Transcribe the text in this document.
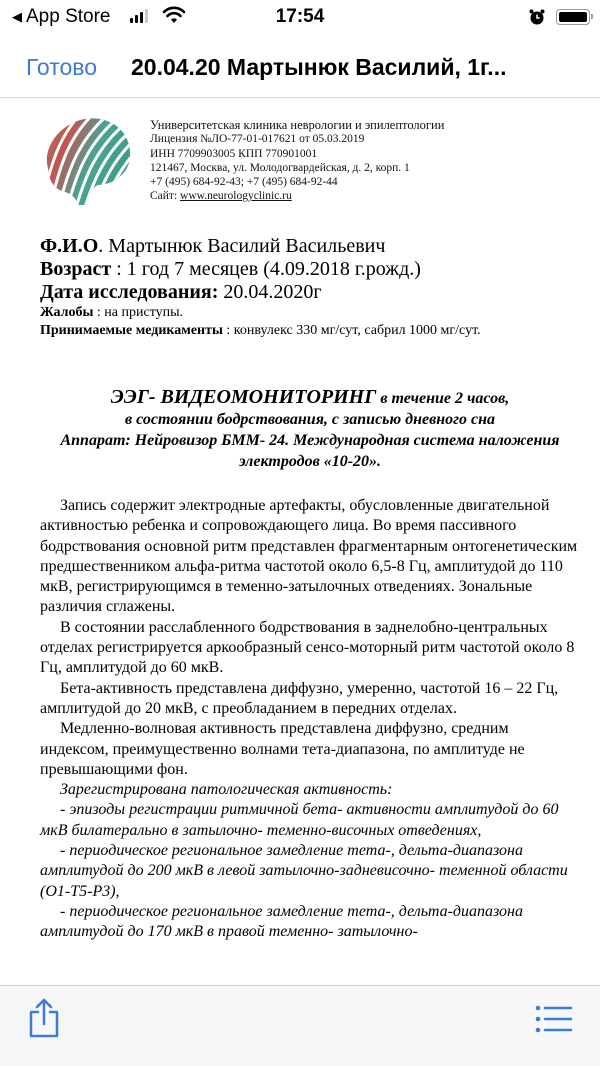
◀ App Store	17:54
Готово 20.04.20 Мартынюк Василий, 1г...
Университетская клиника неврологии и эпилептологии
Лицензия №ЛО-77-01-017621 от 05.03.2019
ИНН 7709903005 КПП 770901001
121467, Москва, ул. Молодогвардейская, д. 2, корп. 1
+7 (495) 684-92-43; +7 (495) 684-92-44
Сайт: www.neurologyclinic.ru
Ф.И.О. Мартынюк Василий Васильевич
Возраст : 1 год 7 месяцев (4.09.2018 г.рожд.)
Дата исследования: 20.04.2020г
Жалобы : на приступы.
Принимаемые медикаменты : конвулекс 330 мг/сут, сабрил 1000 мг/сут.
ЭЭГ- ВИДЕОМОНИТОРИНГ в течение 2 часов,
в состоянии бодрствования, с записью дневного сна
Аппарат: Нейровизор БММ- 24. Международная система наложения электродов «10-20».

Запись содержит электродные артефакты, обусловленные двигательной активностью ребенка и сопровождающего лица. Во время пассивного бодрствования основной ритм представлен фрагментарным онтогенетическим предшественником альфа-ритма частотой около 6,5-8 Гц, амплитудой до 110 мкВ, регистрирующимся в теменно-затылочных отведениях. Зональные различия сглажены.

В состоянии расслабленного бодрствования в заднелобно-центральных отделах регистрируется аркообразный сенсо-моторный ритм частотой около 8 Гц, амплитудой до 60 мкВ.

Бета-активность представлена диффузно, умеренно, частотой 16 – 22 Гц, амплитудой до 20 мкВ, с преобладанием в передних отделах.

Медленно-волновая активность представлена диффузно, средним индексом, преимущественно волнами тета-диапазона, по амплитуде не превышающими фон.

Зарегистрирована патологическая активность:

- эпизоды регистрации ритмичной бета- активности амплитудой до 60 мкВ билатерально в затылочно- теменно-височных отведениях,

- периодическое региональное замедление тета-, дельта-диапазона амплитудой до 200 мкВ в левой затылочно-задневисочно- теменной области (O1-T5-P3),

- периодическое региональное замедление тета-, дельта-диапазона амплитудой до 170 мкВ в правой теменно- затылочно-
